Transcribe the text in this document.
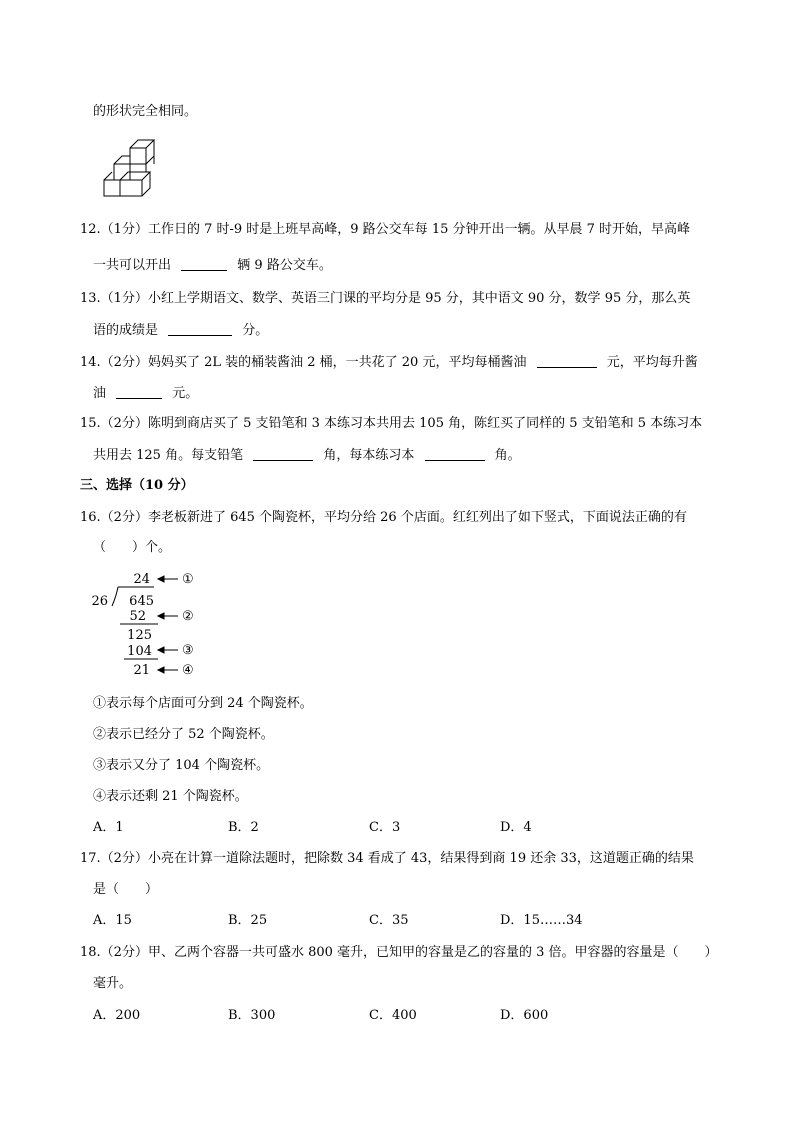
的形状完全相同。
12.（1分）工作日的 7 时-9 时是上班早高峰，9 路公交车每 15 分钟开出一辆。从早晨 7 时开始，早高峰
一共可以开出	辆 9 路公交车。
13.（1分）小红上学期语文、数学、英语三门课的平均分是 95 分，其中语文 90 分，数学 95 分，那么英
语的成绩是	分。
14.（2分）妈妈买了 2L 装的桶装酱油 2 桶，一共花了 20 元，平均每桶酱油	元，平均每升酱
油	元。
15.（2分）陈明到商店买了 5 支铅笔和 3 本练习本共用去 105 角，陈红买了同样的 5 支铅笔和 5 本练习本
共用去 125 角。每支铅笔	角，每本练习本	角。
三、选择（10 分）
16.（2分）李老板新进了 645 个陶瓷杯，平均分给 26 个店面。红红列出了如下竖式，下面说法正确的有
（　　）个。
24
26 645
52
125
104
21
①
②
③
④
①表示每个店面可分到 24 个陶瓷杯。
②表示已经分了 52 个陶瓷杯。
③表示又分了 104 个陶瓷杯。
④表示还剩 21 个陶瓷杯。
A．1	B．2	C．3	D．4
17.（2分）小亮在计算一道除法题时，把除数 34 看成了 43，结果得到商 19 还余 33，这道题正确的结果
是（　　）
A．15	B．25	C．35	D．15……34
18.（2分）甲、乙两个容器一共可盛水 800 毫升，已知甲的容量是乙的容量的 3 倍。甲容器的容量是（　　）
毫升。
A．200	B．300	C．400	D．600
